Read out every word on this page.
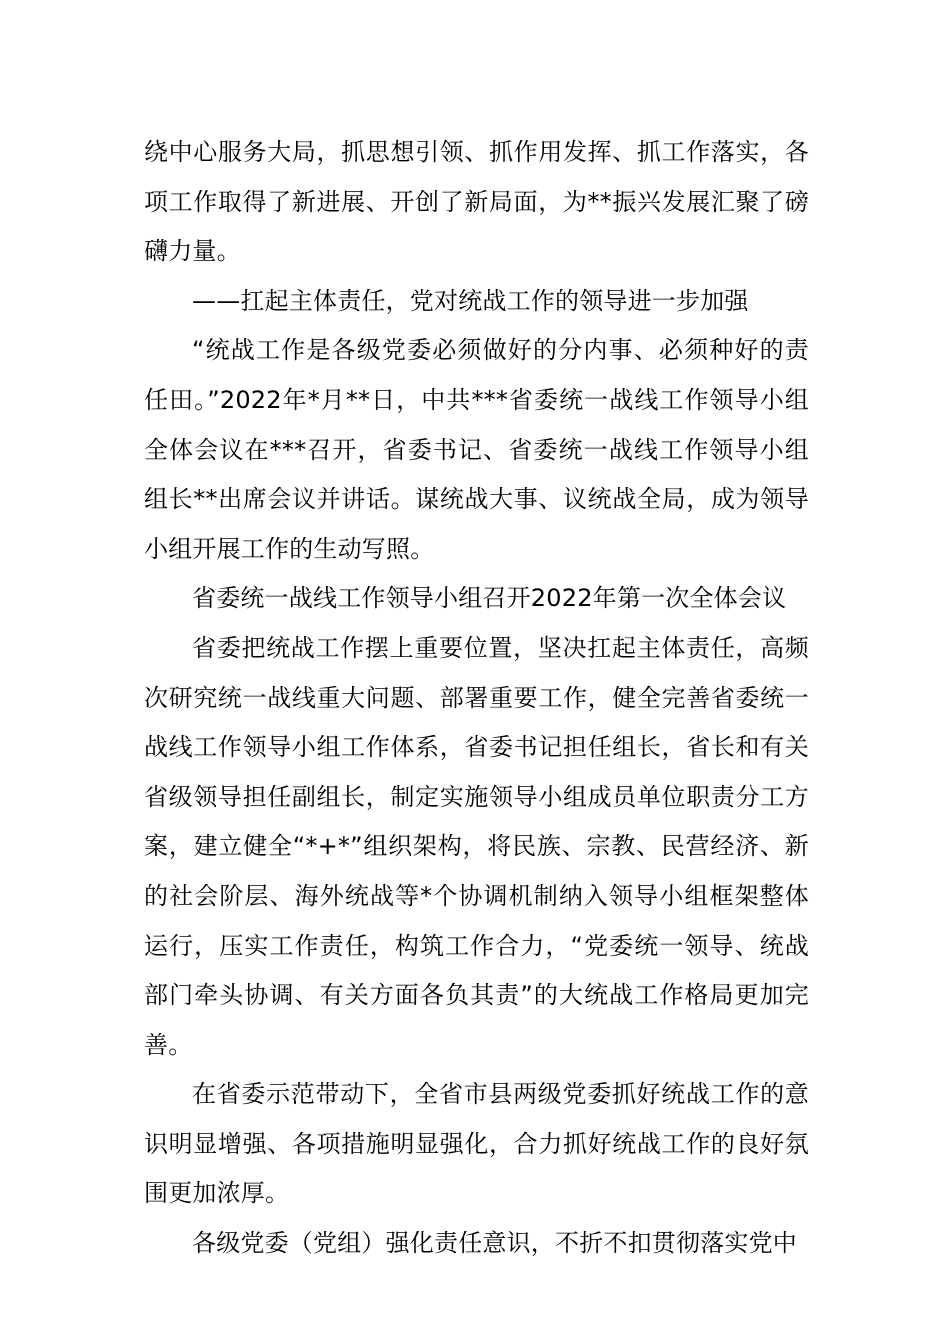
绕中心服务大局，抓思想引领、抓作用发挥、抓工作落实，各项工作取得了新进展、开创了新局面，为**振兴发展汇聚了磅礴力量。

——扛起主体责任，党对统战工作的领导进一步加强

“统战工作是各级党委必须做好的分内事、必须种好的责任田。”2022年*月**日，中共***省委统一战线工作领导小组全体会议在***召开，省委书记、省委统一战线工作领导小组组长**出席会议并讲话。谋统战大事、议统战全局，成为领导小组开展工作的生动写照。

省委统一战线工作领导小组召开2022年第一次全体会议

省委把统战工作摆上重要位置，坚决扛起主体责任，高频次研究统一战线重大问题、部署重要工作，健全完善省委统一战线工作领导小组工作体系，省委书记担任组长，省长和有关省级领导担任副组长，制定实施领导小组成员单位职责分工方案，建立健全“*+*”组织架构，将民族、宗教、民营经济、新的社会阶层、海外统战等*个协调机制纳入领导小组框架整体运行，压实工作责任，构筑工作合力，“党委统一领导、统战部门牵头协调、有关方面各负其责”的大统战工作格局更加完善。

在省委示范带动下，全省市县两级党委抓好统战工作的意识明显增强、各项措施明显强化，合力抓好统战工作的良好氛围更加浓厚。

各级党委（党组）强化责任意识，不折不扣贯彻落实党中
